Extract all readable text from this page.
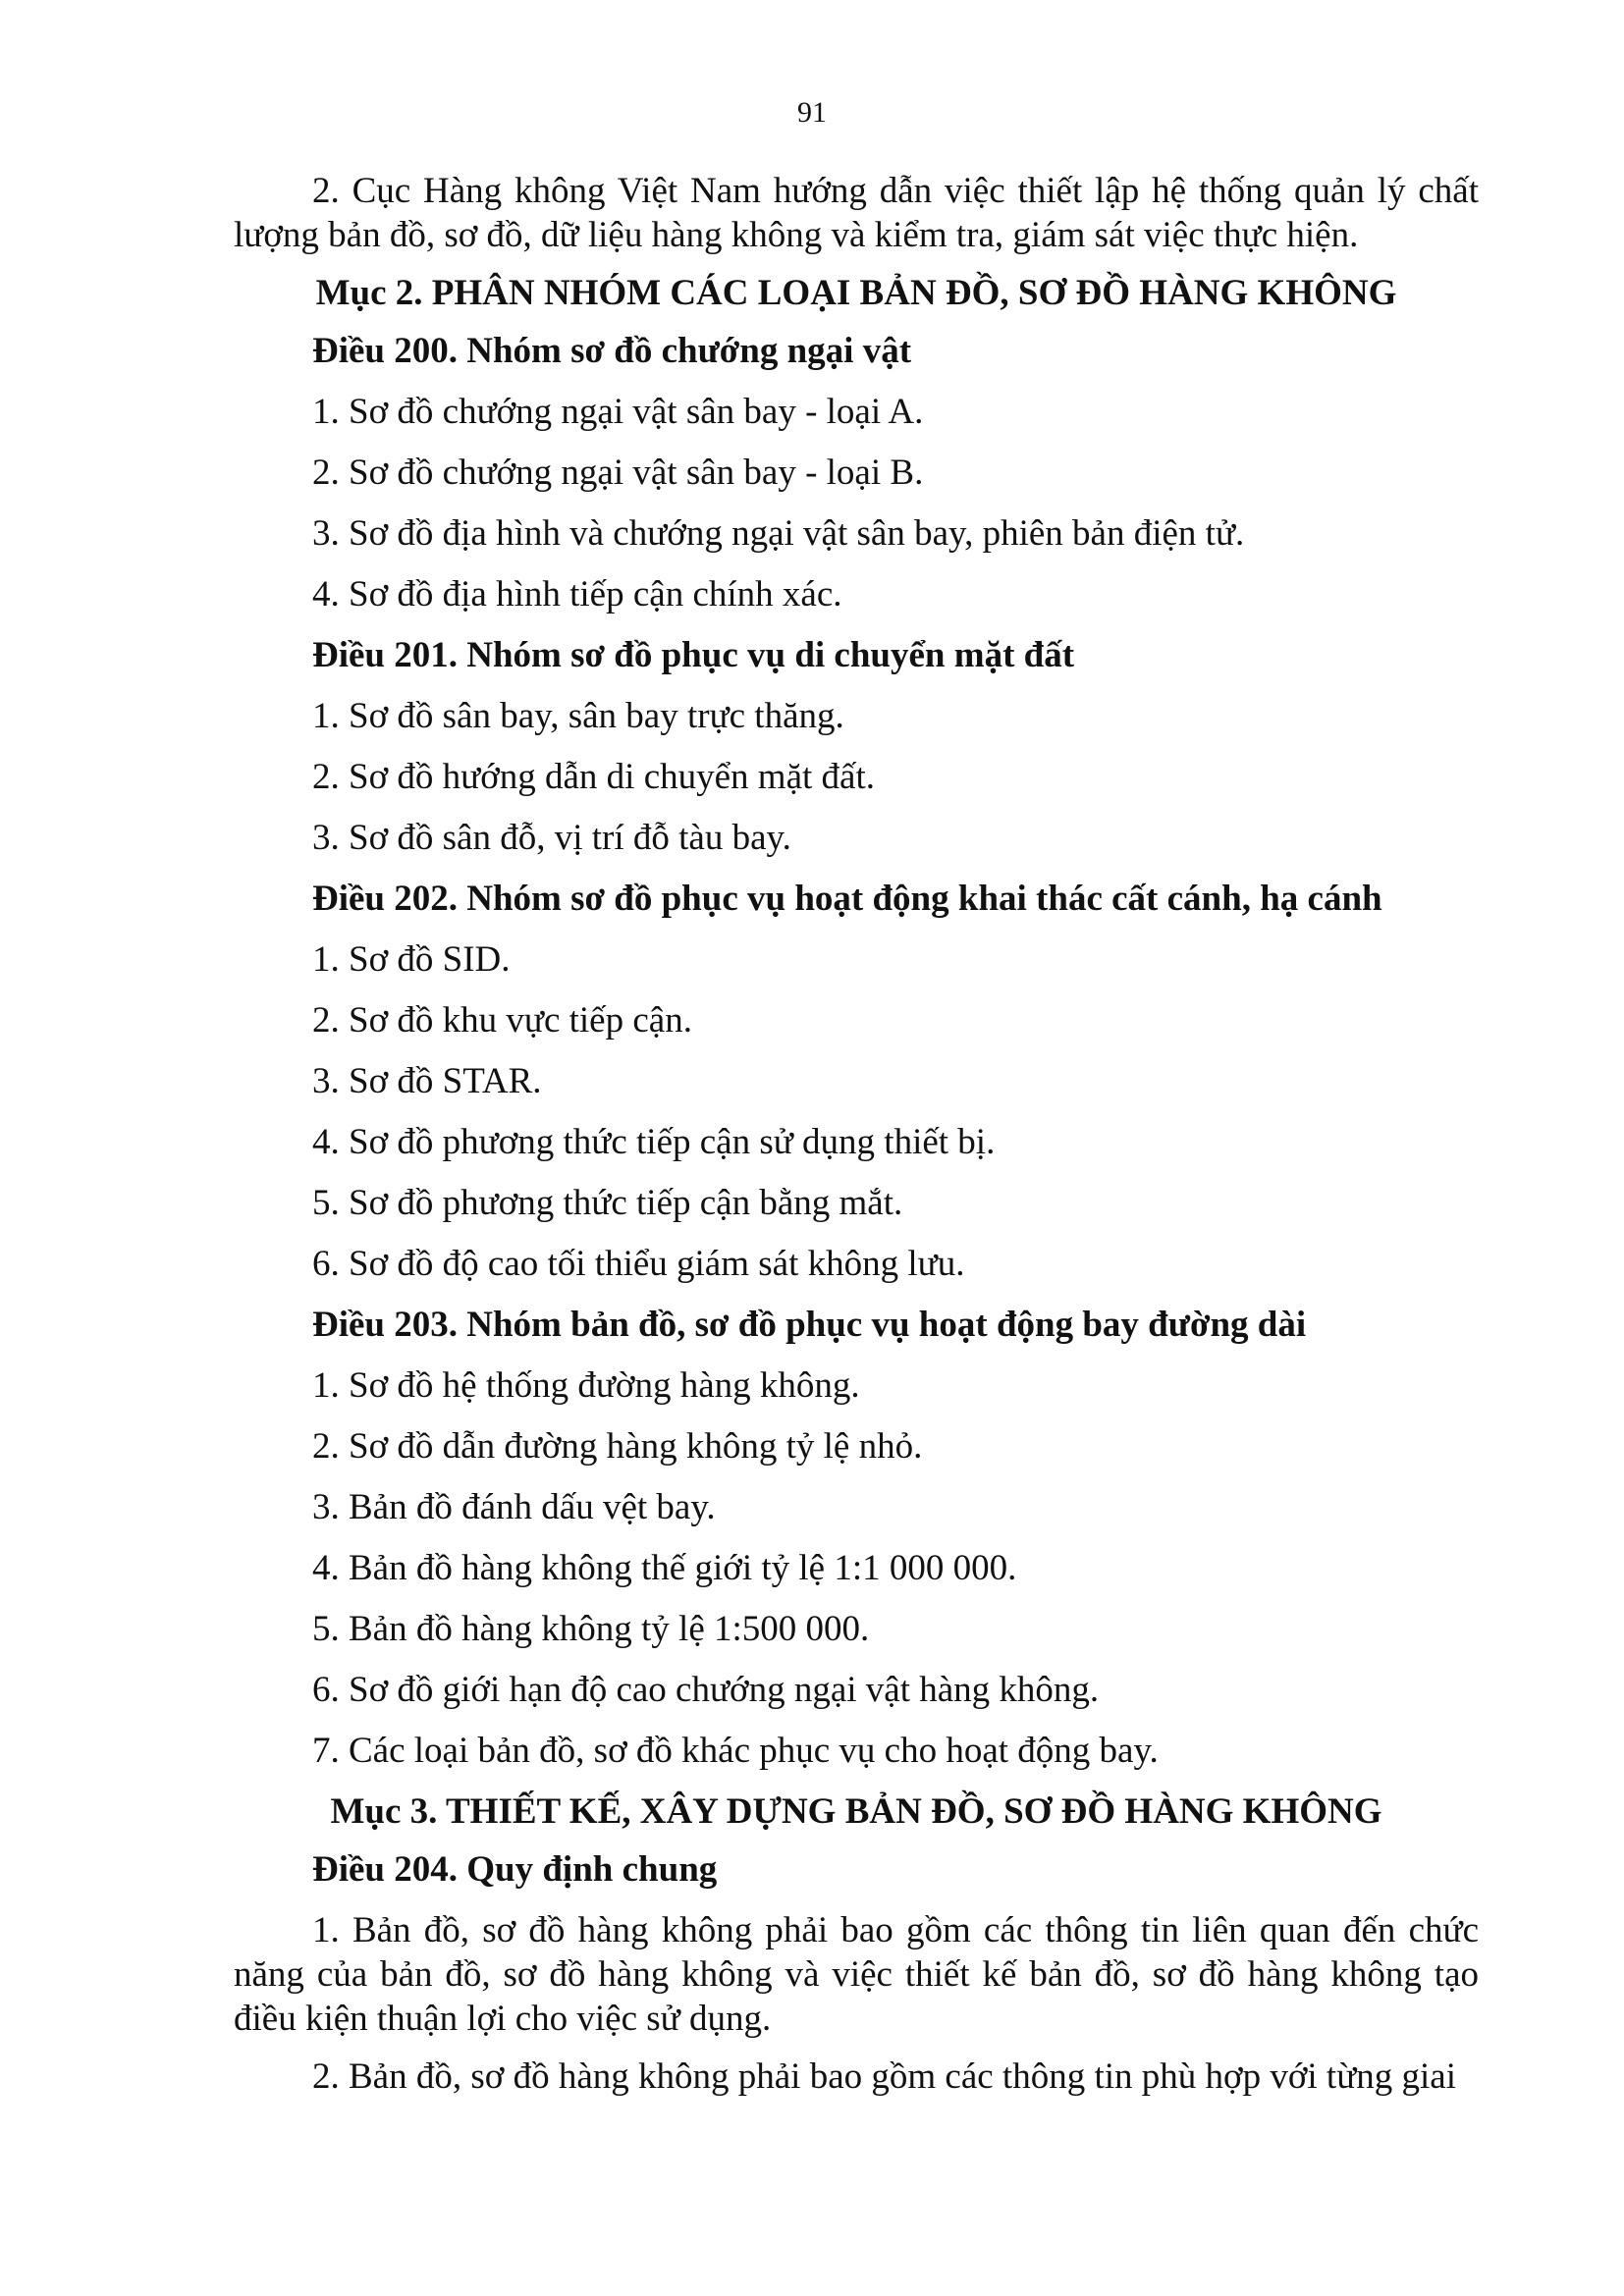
91

2. Cục Hàng không Việt Nam hướng dẫn việc thiết lập hệ thống quản lý chất lượng bản đồ, sơ đồ, dữ liệu hàng không và kiểm tra, giám sát việc thực hiện.

Mục 2. PHÂN NHÓM CÁC LOẠI BẢN ĐỒ, SƠ ĐỒ HÀNG KHÔNG
Điều 200. Nhóm sơ đồ chướng ngại vật
1. Sơ đồ chướng ngại vật sân bay - loại A.
2. Sơ đồ chướng ngại vật sân bay - loại B.
3. Sơ đồ địa hình và chướng ngại vật sân bay, phiên bản điện tử.
4. Sơ đồ địa hình tiếp cận chính xác.
Điều 201. Nhóm sơ đồ phục vụ di chuyển mặt đất
1. Sơ đồ sân bay, sân bay trực thăng.
2. Sơ đồ hướng dẫn di chuyển mặt đất.
3. Sơ đồ sân đỗ, vị trí đỗ tàu bay.
Điều 202. Nhóm sơ đồ phục vụ hoạt động khai thác cất cánh, hạ cánh
1. Sơ đồ SID.
2. Sơ đồ khu vực tiếp cận.
3. Sơ đồ STAR.
4. Sơ đồ phương thức tiếp cận sử dụng thiết bị.
5. Sơ đồ phương thức tiếp cận bằng mắt.
6. Sơ đồ độ cao tối thiểu giám sát không lưu.
Điều 203. Nhóm bản đồ, sơ đồ phục vụ hoạt động bay đường dài
1. Sơ đồ hệ thống đường hàng không.
2. Sơ đồ dẫn đường hàng không tỷ lệ nhỏ.
3. Bản đồ đánh dấu vệt bay.
4. Bản đồ hàng không thế giới tỷ lệ 1:1 000 000.
5. Bản đồ hàng không tỷ lệ 1:500 000.
6. Sơ đồ giới hạn độ cao chướng ngại vật hàng không.
7. Các loại bản đồ, sơ đồ khác phục vụ cho hoạt động bay.
Mục 3. THIẾT KẾ, XÂY DỰNG BẢN ĐỒ, SƠ ĐỒ HÀNG KHÔNG
Điều 204. Quy định chung

1. Bản đồ, sơ đồ hàng không phải bao gồm các thông tin liên quan đến chức năng của bản đồ, sơ đồ hàng không và việc thiết kế bản đồ, sơ đồ hàng không tạo điều kiện thuận lợi cho việc sử dụng.

2. Bản đồ, sơ đồ hàng không phải bao gồm các thông tin phù hợp với từng giai
